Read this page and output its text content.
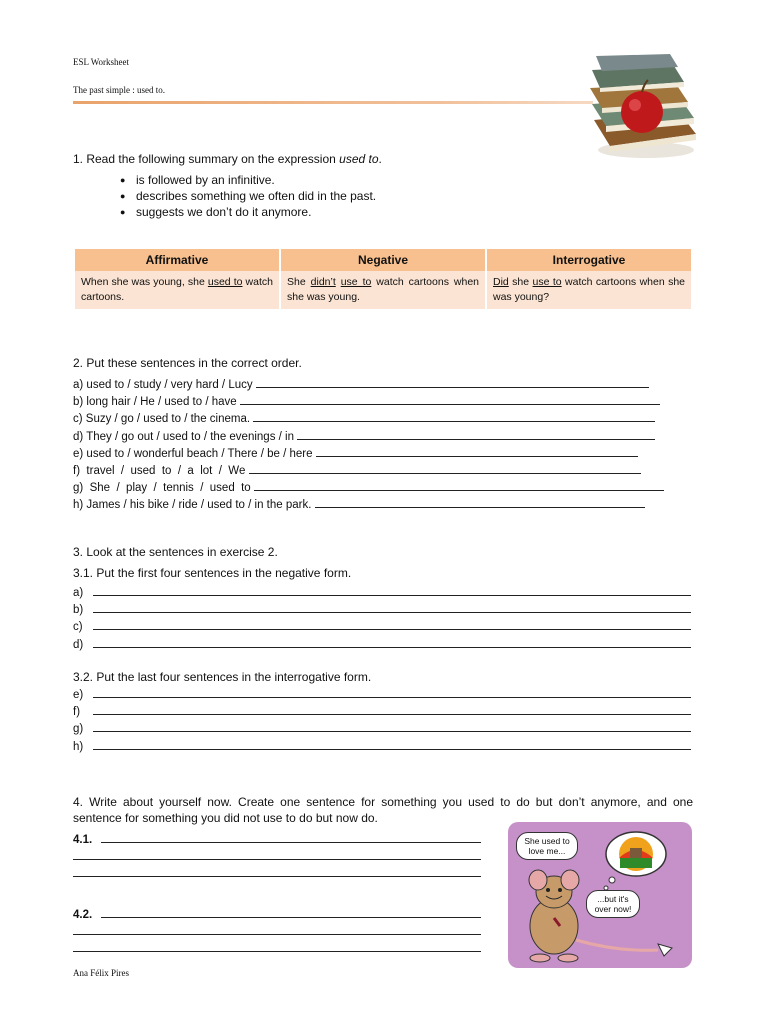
ESL Worksheet
The past simple : used to.
1. Read the following summary on the expression used to.
● is followed by an infinitive.
● describes something we often did in the past.
● suggests we don’t do it anymore.
Affirmative	Negative	Interrogative
When she was young, she used to watch cartoons.	She didn’t use to watch cartoons when she was young.	Did she use to watch cartoons when she was young?
2. Put these sentences in the correct order.
a) used to / study / very hard / Lucy
b) long hair / He / used to / have
c) Suzy / go / used to / the cinema.
d) They / go out / used to / the evenings / in
e) used to / wonderful beach / There / be / here
f)  travel  /  used  to  /  a  lot  /  We
g)  She  /  play  /  tennis  /  used  to
h) James / his bike / ride / used to / in the park.
3. Look at the sentences in exercise 2.
3.1. Put the first four sentences in the negative form.
a)
b)
c)
d)
3.2. Put the last four sentences in the interrogative form.
e)
f)
g)
h)
4. Write about yourself now. Create one sentence for something you used to do but don’t anymore, and one sentence for something you did not use to do but now do.
4.1.
4.2.
She used to love me...
...but it's over now!
Ana Félix Pires
